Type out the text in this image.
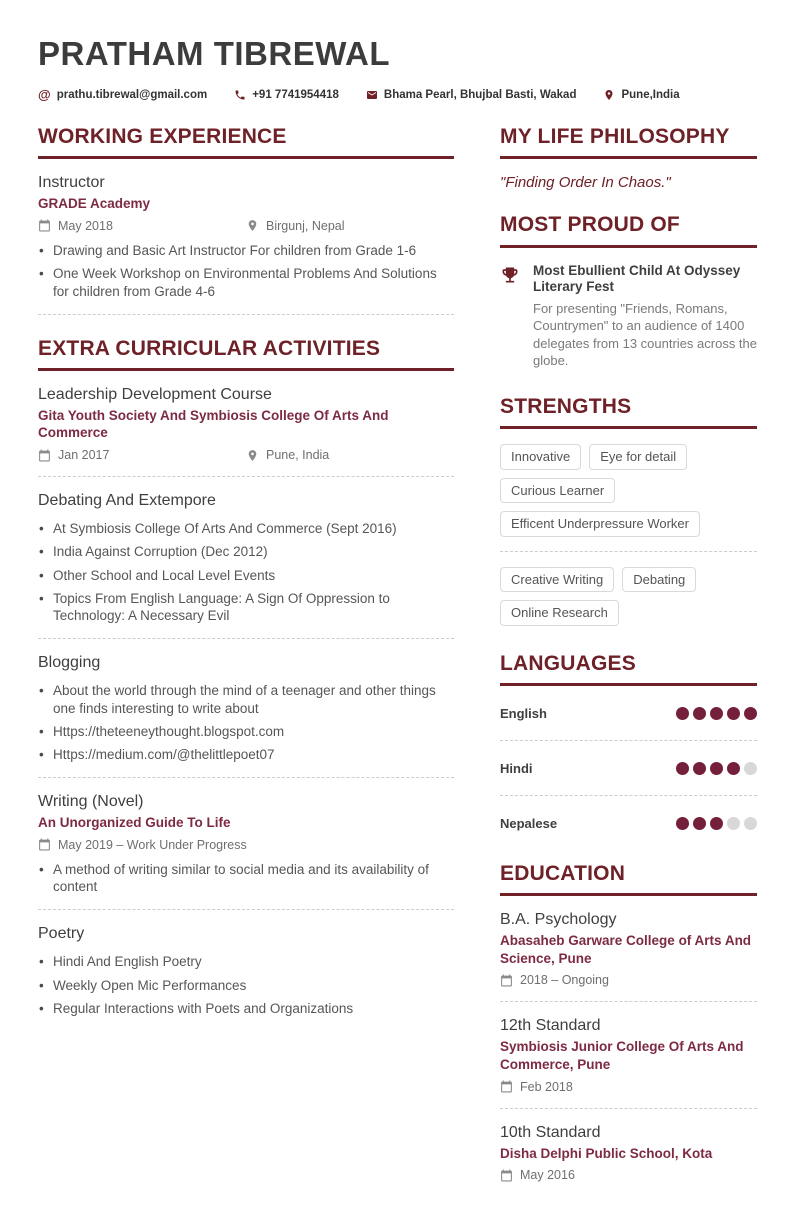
PRATHAM TIBREWAL
@ prathu.tibrewal@gmail.com	+91 7741954418	Bhama Pearl, Bhujbal Basti, Wakad	Pune,India
WORKING EXPERIENCE
Instructor
GRADE Academy
May 2018	Birgunj, Nepal
• Drawing and Basic Art Instructor For children from Grade 1-6
• One Week Workshop on Environmental Problems And Solutions for children from Grade 4-6
EXTRA CURRICULAR ACTIVITIES
Leadership Development Course
Gita Youth Society And Symbiosis College Of Arts And Commerce
Jan 2017	Pune, India
Debating And Extempore
• At Symbiosis College Of Arts And Commerce (Sept 2016)
• India Against Corruption (Dec 2012)
• Other School and Local Level Events
• Topics From English Language: A Sign Of Oppression to Technology: A Necessary Evil
Blogging
• About the world through the mind of a teenager and other things one finds interesting to write about
• Https://theteeneythought.blogspot.com
• Https://medium.com/@thelittlepoet07
Writing (Novel)
An Unorganized Guide To Life
May 2019 – Work Under Progress
• A method of writing similar to social media and its availability of content
Poetry
• Hindi And English Poetry
• Weekly Open Mic Performances
• Regular Interactions with Poets and Organizations
MY LIFE PHILOSOPHY
"Finding Order In Chaos."
MOST PROUD OF
Most Ebullient Child At Odyssey Literary Fest
For presenting "Friends, Romans, Countrymen" to an audience of 1400 delegates from 13 countries across the globe.
STRENGTHS
Innovative	Eye for detail
Curious Learner
Efficent Underpressure Worker
Creative Writing	Debating
Online Research
LANGUAGES
English
Hindi
Nepalese
EDUCATION
B.A. Psychology
Abasaheb Garware College of Arts And Science, Pune
2018 – Ongoing
12th Standard
Symbiosis Junior College Of Arts And Commerce, Pune
Feb 2018
10th Standard
Disha Delphi Public School, Kota
May 2016
